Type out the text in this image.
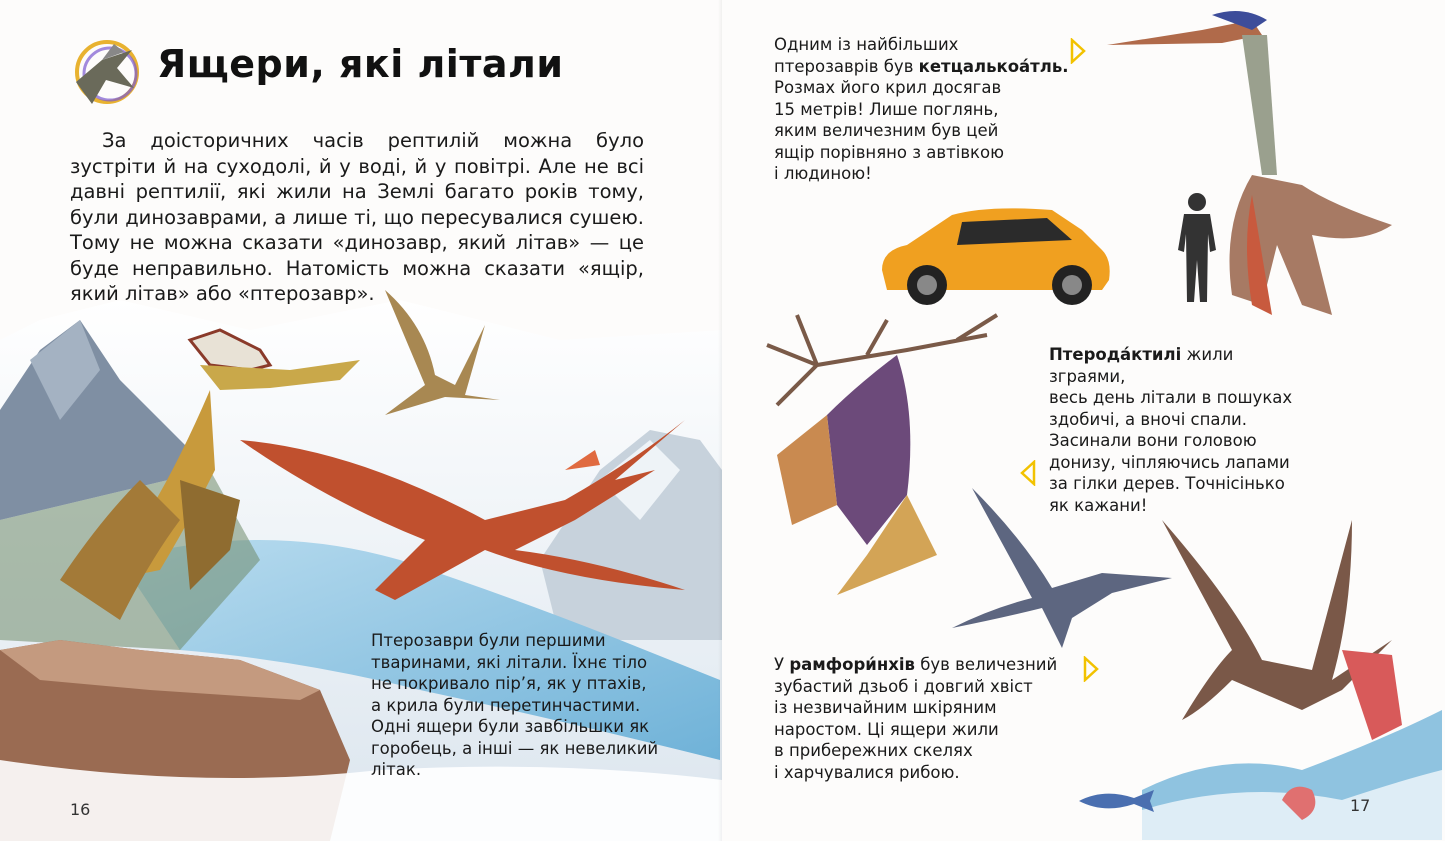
Ящери, які літали

За доісторичних часів рептилій можна було зустріти й на суходолі, й у воді, й у повітрі. Але не всі давні рептилії, які жили на Землі багато років тому, були динозаврами, а лише ті, що пересувалися сушею. Тому не можна сказати «динозавр, який літав» — це буде неправильно. Натомість можна сказати «ящір, який літав» або «птерозавр».

Птерозаври були першими
тваринами, які літали. Їхнє тіло
не покривало пір’я, як у птахів,
а крила були перетинчастими.
Одні ящери були завбільшки як
горобець, а інші — як невеликий
літак.
16
Одним із найбільших
птерозаврів був кетцалькоа́тль.
Розмах його крил досягав
15 метрів! Лише поглянь,
яким величезним був цей
ящір порівняно з автівкою
і людиною!
Птерода́ктилі жили зграями,
весь день літали в пошуках
здобичі, а вночі спали.
Засинали вони головою
донизу, чіпляючись лапами
за гілки дерев. Точнісінько
як кажани!
У рамфори́нхів був величезний
зубастий дзьоб і довгий хвіст
із незвичайним шкіряним
наростом. Ці ящери жили
в прибережних скелях
і харчувалися рибою.
17
